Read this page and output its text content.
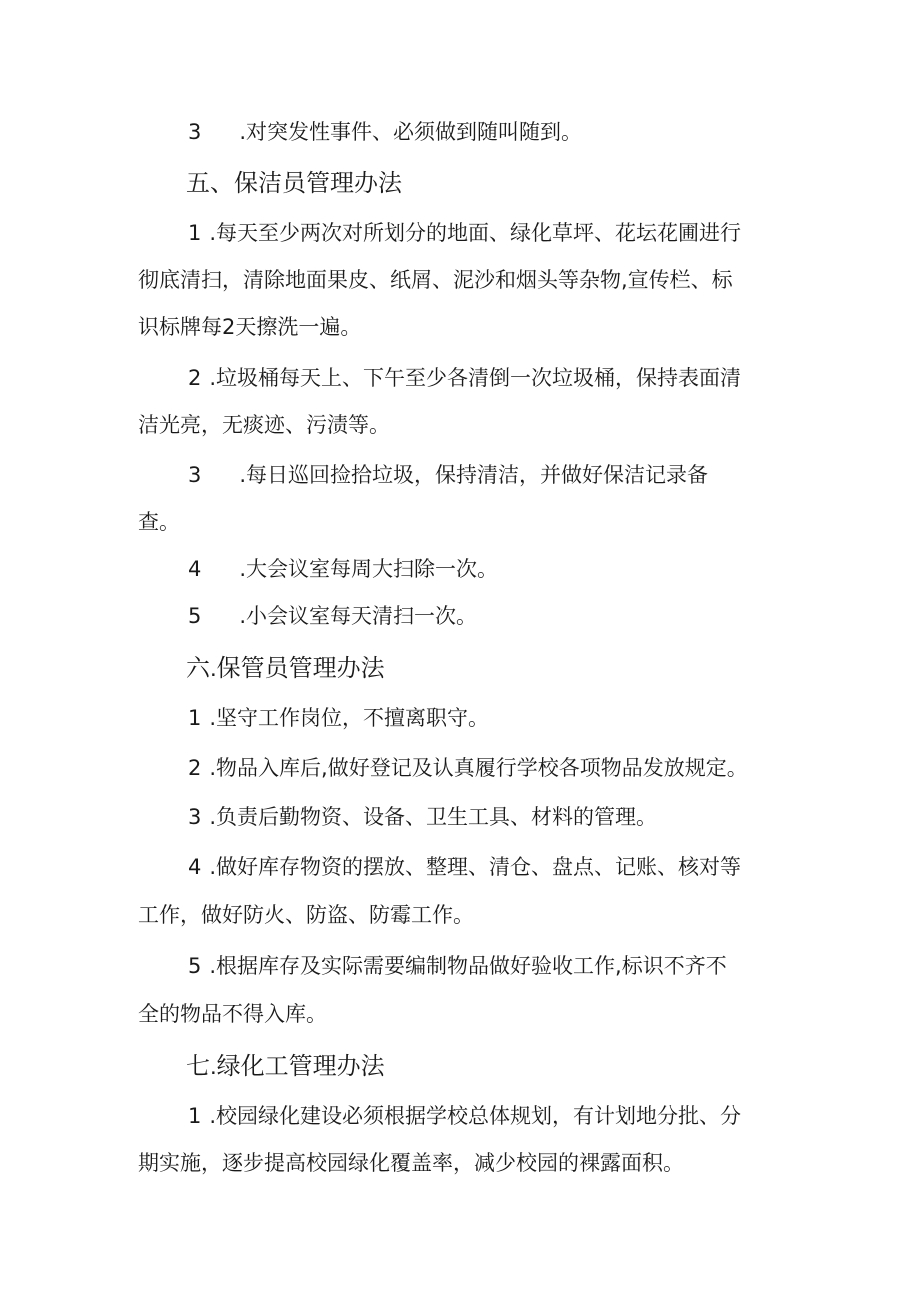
3 .对突发性事件、必须做到随叫随到。
五、保洁员管理办法
1 .每天至少两次对所划分的地面、绿化草坪、花坛花圃进行
彻底清扫，清除地面果皮、纸屑、泥沙和烟头等杂物,宣传栏、标
识标牌每2天擦洗一遍。
2 .垃圾桶每天上、下午至少各清倒一次垃圾桶，保持表面清
洁光亮，无痰迹、污渍等。
3 .每日巡回捡拾垃圾，保持清洁，并做好保洁记录备
查。
4 .大会议室每周大扫除一次。
5 .小会议室每天清扫一次。
六.保管员管理办法
1 .坚守工作岗位，不擅离职守。
2 .物品入库后,做好登记及认真履行学校各项物品发放规定。
3 .负责后勤物资、设备、卫生工具、材料的管理。
4 .做好库存物资的摆放、整理、清仓、盘点、记账、核对等
工作，做好防火、防盗、防霉工作。
5 .根据库存及实际需要编制物品做好验收工作,标识不齐不
全的物品不得入库。
七.绿化工管理办法
1 .校园绿化建设必须根据学校总体规划，有计划地分批、分
期实施，逐步提高校园绿化覆盖率，减少校园的裸露面积。
